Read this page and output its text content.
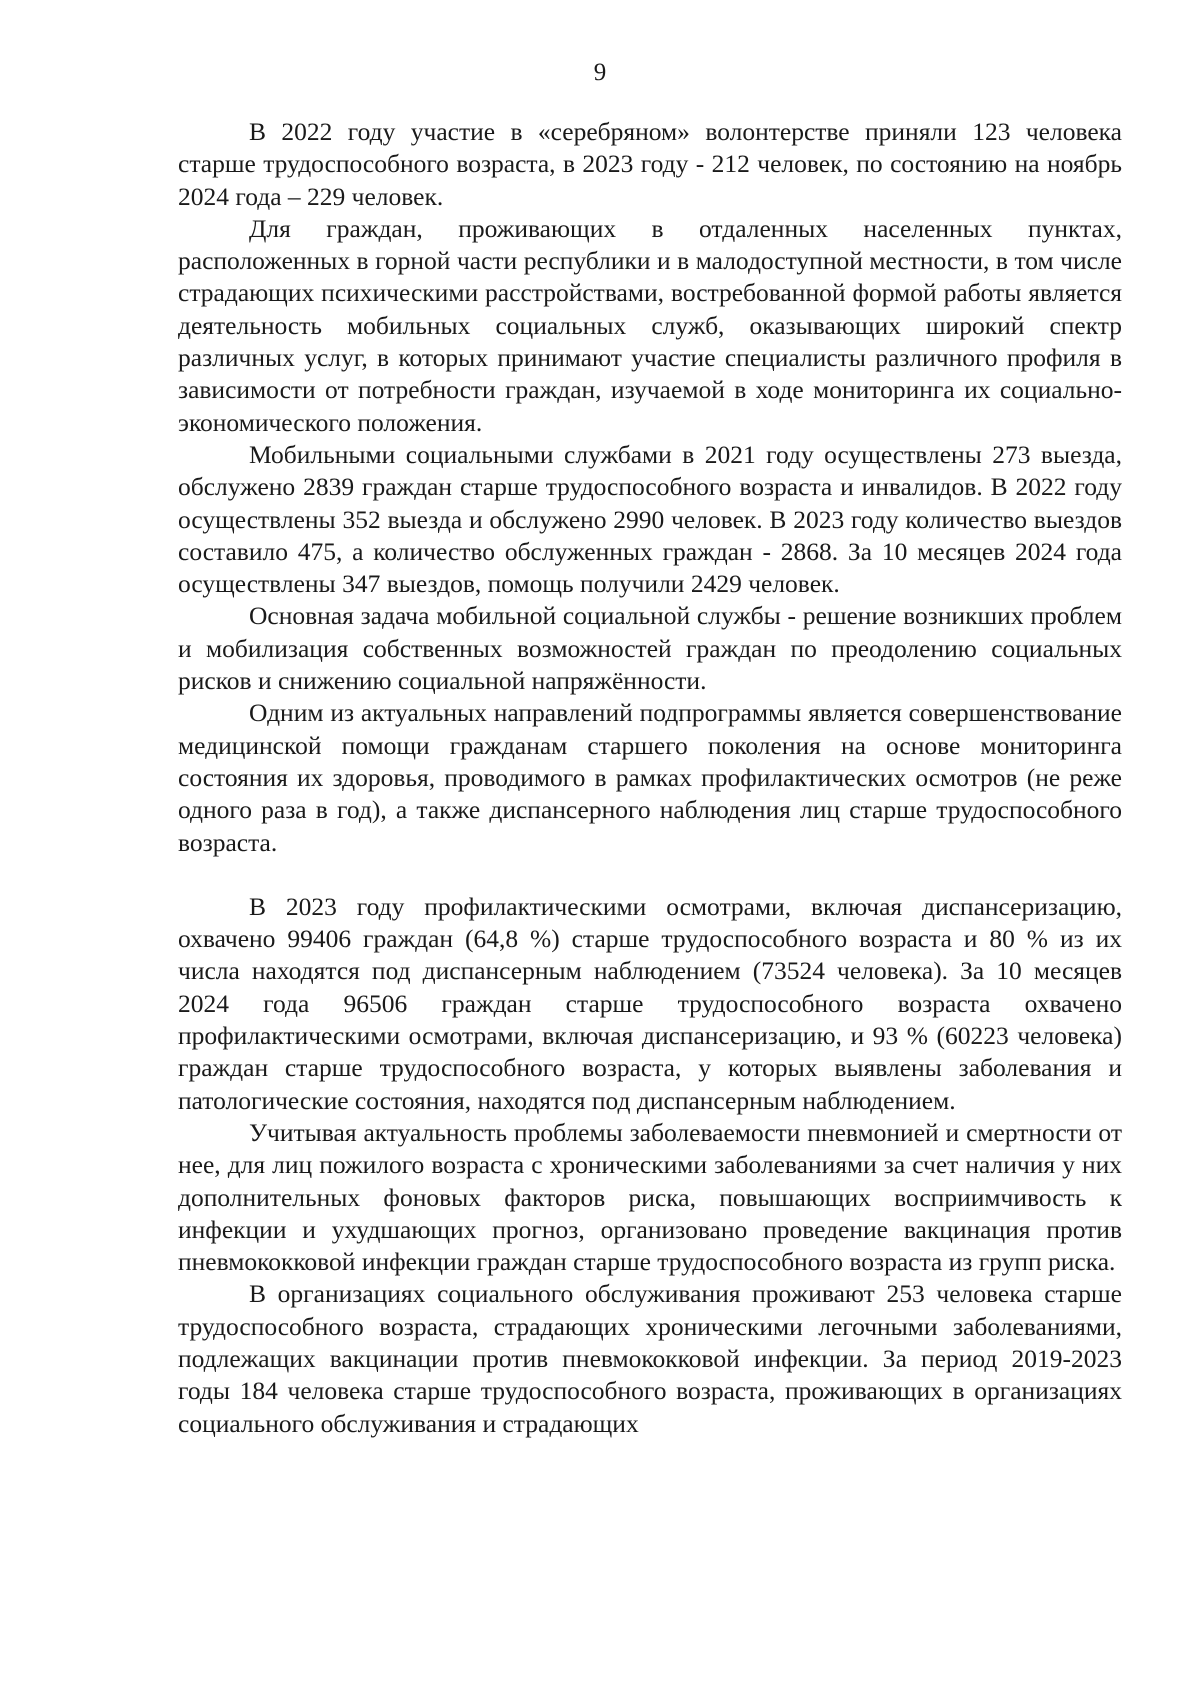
9

В 2022 году участие в «серебряном» волонтерстве приняли 123 человека старше трудоспособного возраста, в 2023 году - 212 человек, по состоянию на ноябрь 2024 года – 229 человек.

Для граждан, проживающих в отдаленных населенных пунктах, расположенных в горной части республики и в малодоступной местности, в том числе страдающих психическими расстройствами, востребованной формой работы является деятельность мобильных социальных служб, оказывающих широкий спектр различных услуг, в которых принимают участие специалисты различного профиля в зависимости от потребности граждан, изучаемой в ходе мониторинга их социально-экономического положения.

Мобильными социальными службами в 2021 году осуществлены 273 выезда, обслужено 2839 граждан старше трудоспособного возраста и инвалидов. В 2022 году осуществлены 352 выезда и обслужено 2990 человек. В 2023 году количество выездов составило 475, а количество обслуженных граждан - 2868. За 10 месяцев 2024 года осуществлены 347 выездов, помощь получили 2429 человек.

Основная задача мобильной социальной службы - решение возникших проблем и мобилизация собственных возможностей граждан по преодолению социальных рисков и снижению социальной напряжённости.

Одним из актуальных направлений подпрограммы является совершенствование медицинской помощи гражданам старшего поколения на основе мониторинга состояния их здоровья, проводимого в рамках профилактических осмотров (не реже одного раза в год), а также диспансерного наблюдения лиц старше трудоспособного возраста.

В 2023 году профилактическими осмотрами, включая диспансеризацию, охвачено 99406 граждан (64,8 %) старше трудоспособного возраста и 80 % из их числа находятся под диспансерным наблюдением (73524 человека). За 10 месяцев 2024 года 96506 граждан старше трудоспособного возраста охвачено профилактическими осмотрами, включая диспансеризацию, и 93 % (60223 человека) граждан старше трудоспособного возраста, у которых выявлены заболевания и патологические состояния, находятся под диспансерным наблюдением.

Учитывая актуальность проблемы заболеваемости пневмонией и смертности от нее, для лиц пожилого возраста с хроническими заболеваниями за счет наличия у них дополнительных фоновых факторов риска, повышающих восприимчивость к инфекции и ухудшающих прогноз, организовано проведение вакцинация против пневмококковой инфекции граждан старше трудоспособного возраста из групп риска.

В организациях социального обслуживания проживают 253 человека старше трудоспособного возраста, страдающих хроническими легочными заболеваниями, подлежащих вакцинации против пневмококковой инфекции. За период 2019-2023 годы 184 человека старше трудоспособного возраста, проживающих в организациях социального обслуживания и страдающих
